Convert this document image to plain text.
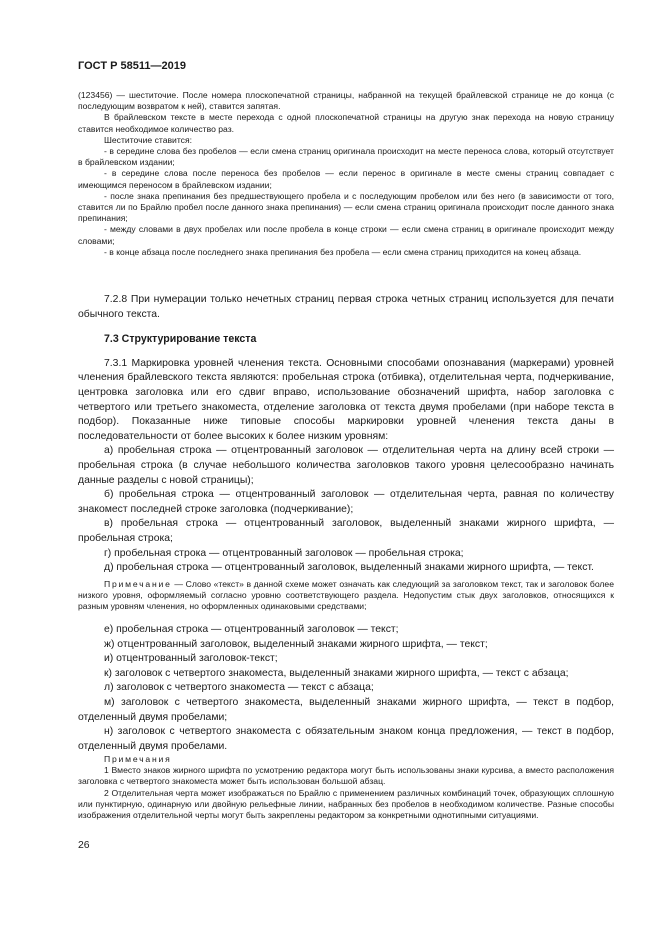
ГОСТ Р 58511—2019

(123456) — шеститочие. После номера плоскопечатной страницы, набранной на текущей брайлевской странице не до конца (с последующим возвратом к ней), ставится запятая.

В брайлевском тексте в месте перехода с одной плоскопечатной страницы на другую знак перехода на новую страницу ставится необходимое количество раз.

Шеститочие ставится:

- в середине слова без пробелов — если смена страниц оригинала происходит на месте переноса слова, который отсутствует в брайлевском издании;

- в середине слова после переноса без пробелов — если перенос в оригинале в месте смены страниц совпадает с имеющимся переносом в брайлевском издании;

- после знака препинания без предшествующего пробела и с последующим пробелом или без него (в зависимости от того, ставится ли по Брайлю пробел после данного знака препинания) — если смена страниц оригинала происходит после данного знака препинания;

- между словами в двух пробелах или после пробела в конце строки — если смена страниц в оригинале происходит между словами;

- в конце абзаца после последнего знака препинания без пробела — если смена страниц приходится на конец абзаца.

7.2.8 При нумерации только нечетных страниц первая строка четных страниц используется для печати обычного текста.

7.3 Структурирование текста

7.3.1 Маркировка уровней членения текста. Основными способами опознавания (маркерами) уровней членения брайлевского текста являются: пробельная строка (отбивка), отделительная черта, подчеркивание, центровка заголовка или его сдвиг вправо, использование обозначений шрифта, набор заголовка с четвертого или третьего знакоместа, отделение заголовка от текста двумя пробелами (при наборе текста в подбор). Показанные ниже типовые способы маркировки уровней членения текста даны в последовательности от более высоких к более низким уровням:

а) пробельная строка — отцентрованный заголовок — отделительная черта на длину всей строки — пробельная строка (в случае небольшого количества заголовков такого уровня целесообразно начинать данные разделы с новой страницы);

б) пробельная строка — отцентрованный заголовок — отделительная черта, равная по количеству знакомест последней строке заголовка (подчеркивание);

в) пробельная строка — отцентрованный заголовок, выделенный знаками жирного шрифта, — пробельная строка;

г) пробельная строка — отцентрованный заголовок — пробельная строка;

д) пробельная строка — отцентрованный заголовок, выделенный знаками жирного шрифта, — текст.

Примечание — Слово «текст» в данной схеме может означать как следующий за заголовком текст, так и заголовок более низкого уровня, оформляемый согласно уровню соответствующего раздела. Недопустим стык двух заголовков, относящихся к разным уровням членения, но оформленных одинаковыми средствами;

е) пробельная строка — отцентрованный заголовок — текст;

ж) отцентрованный заголовок, выделенный знаками жирного шрифта, — текст;

и) отцентрованный заголовок-текст;

к) заголовок с четвертого знакоместа, выделенный знаками жирного шрифта, — текст с абзаца;

л) заголовок с четвертого знакоместа — текст с абзаца;

м) заголовок с четвертого знакоместа, выделенный знаками жирного шрифта, — текст в подбор, отделенный двумя пробелами;

н) заголовок с четвертого знакоместа с обязательным знаком конца предложения, — текст в подбор, отделенный двумя пробелами.

Примечания

1 Вместо знаков жирного шрифта по усмотрению редактора могут быть использованы знаки курсива, а вместо расположения заголовка с четвертого знакоместа может быть использован большой абзац.

2 Отделительная черта может изображаться по Брайлю с применением различных комбинаций точек, образующих сплошную или пунктирную, одинарную или двойную рельефные линии, набранных без пробелов в необходимом количестве. Разные способы изображения отделительной черты могут быть закреплены редактором за конкретными однотипными ситуациями.

26
